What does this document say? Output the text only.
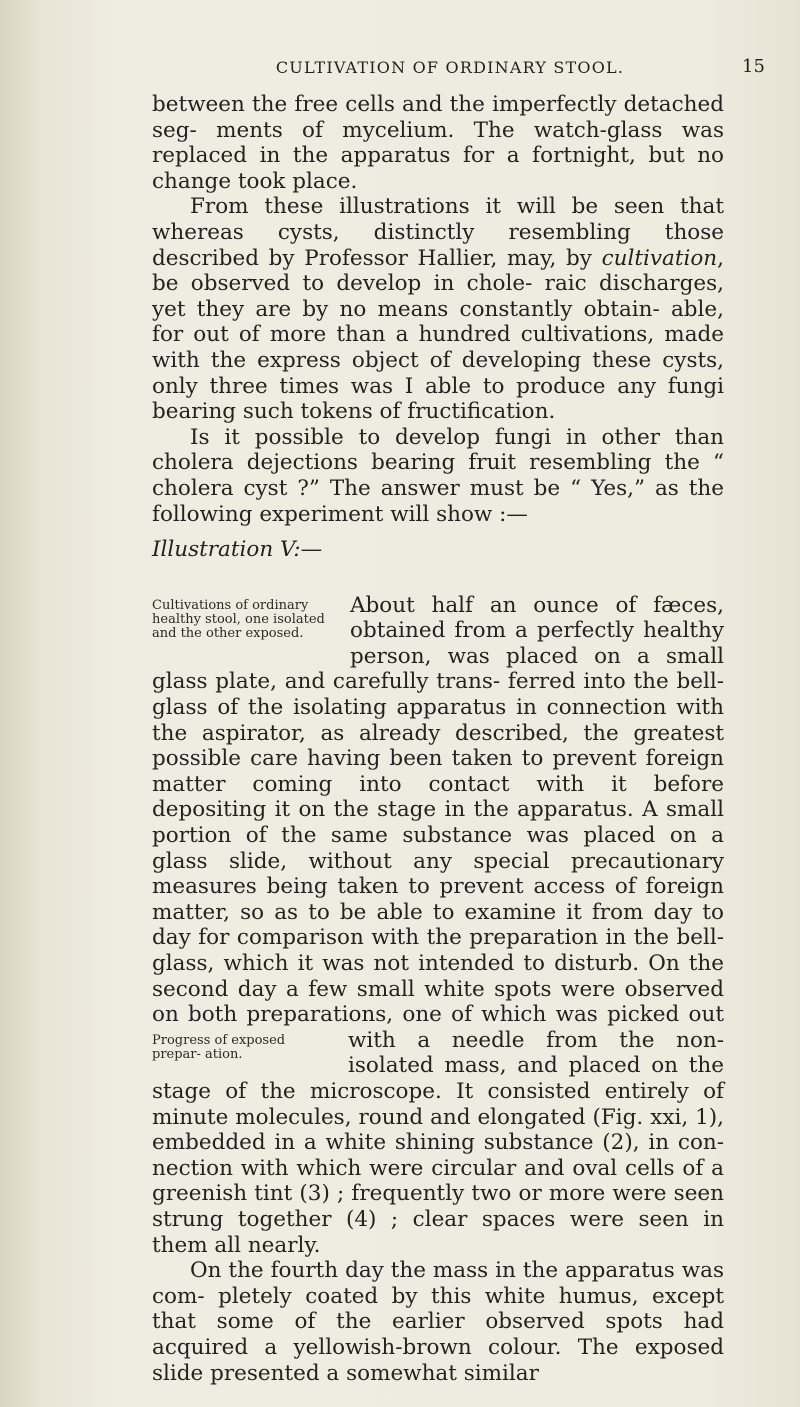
CULTIVATION OF ORDINARY STOOL.	15

between the free cells and the imperfectly detached seg- ments of mycelium. The watch-glass was replaced in the apparatus for a fortnight, but no change took place.

From these illustrations it will be seen that whereas cysts, distinctly resembling those described by Professor Hallier, may, by cultivation, be observed to develop in chole- raic discharges, yet they are by no means constantly obtain- able, for out of more than a hundred cultivations, made with the express object of developing these cysts, only three times was I able to produce any fungi bearing such tokens of fructification.

Is it possible to develop fungi in other than cholera dejections bearing fruit resembling the “ cholera cyst ?” The answer must be “ Yes,” as the following experiment will show :—

Illustration V:—

Cultivations of ordinary healthy stool, one isolated and the other exposed.
About half an ounce of fæces, obtained from a perfectly healthy person, was placed on a small glass plate, and carefully trans- ferred into the bell-glass of the isolating apparatus in connection with the aspirator, as already described, the greatest possible care having been taken to prevent foreign matter coming into contact with it before depositing it on the stage in the apparatus. A small portion of the same substance was placed on a glass slide, without any special precautionary measures being taken to prevent access of foreign matter, so as to be able to examine it from day to day for comparison with the preparation in the bell-glass, which it was not intended to disturb. On the second day a few small white spots were observed on both preparations, one of which was
Progress of exposed prepar- ation.
picked out with a needle from the non-isolated mass, and placed on the stage of the microscope. It consisted entirely of minute molecules, round and elongated (Fig. xxi, 1), embedded in a white shining substance (2), in con- nection with which were circular and oval cells of a greenish tint (3) ; frequently two or more were seen strung together (4) ; clear spaces were seen in them all nearly.

On the fourth day the mass in the apparatus was com- pletely coated by this white humus, except that some of the earlier observed spots had acquired a yellowish-brown colour. The exposed slide presented a somewhat similar
